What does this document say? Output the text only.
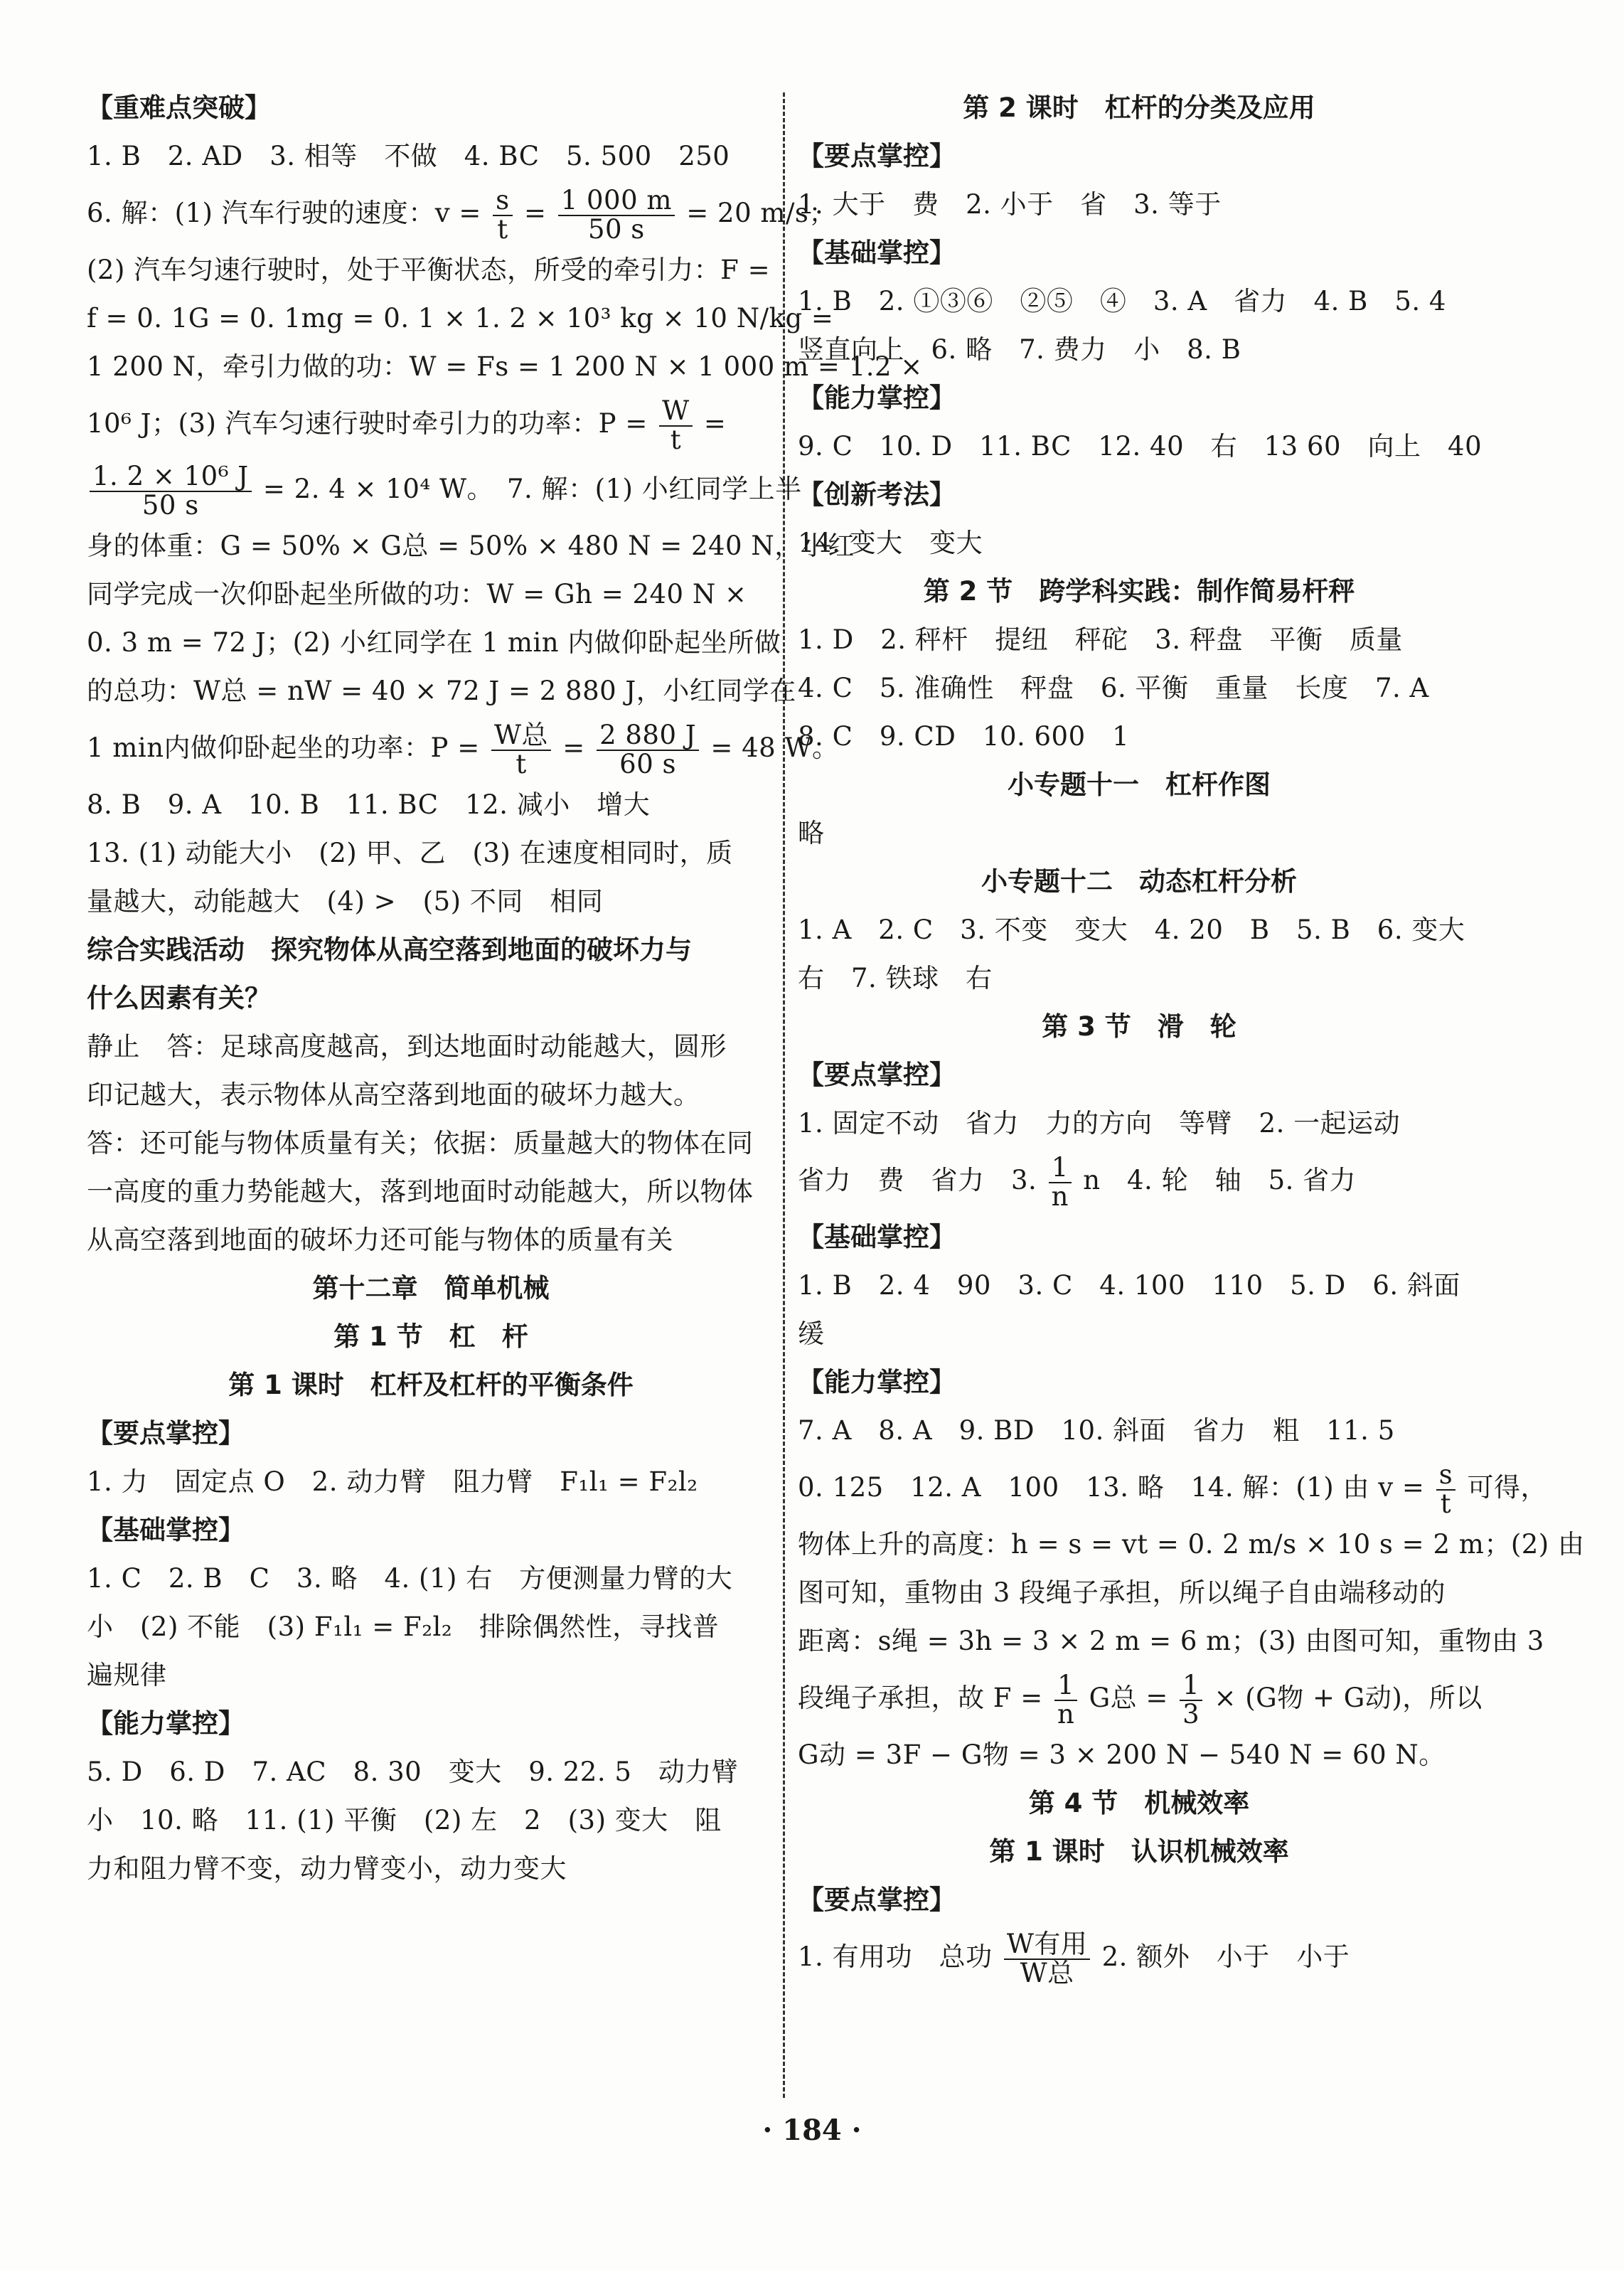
【重难点突破】
1. B　2. AD　3. 相等　不做　4. BC　5. 500　250
6. 解：(1) 汽车行驶的速度：$v = \frac{s}{t} = \frac{1 000 m}{50 s} = 20$ m/s；
(2) 汽车匀速行驶时，处于平衡状态，所受的牵引力：F =
f = 0. 1G = 0. 1mg = 0. 1 × 1. 2 × 10³ kg × 10 N/kg =
1 200 N，牵引力做的功：W = Fs = 1 200 N × 1 000 m = 1.2 ×
10⁶ J；(3) 汽车匀速行驶时牵引力的功率：$P = \frac{W}{t}$ =
$\frac{\text{1. 2 × 10⁶ J}}{50 s} = 2$. 4 × 10⁴ W。　7. 解：(1) 小红同学上半
身的体重：G = 50% × G总 = 50% × 480 N = 240 N，小红
同学完成一次仰卧起坐所做的功：W = Gh = 240 N ×
0. 3 m = 72 J；(2) 小红同学在 1 min 内做仰卧起坐所做
的总功：W总 = nW = 40 × 72 J = 2 880 J，小红同学在
1 min内做仰卧起坐的功率：$P = \frac{\text{W总}}{t} = \frac{2 880 J}{60 s} = 48$ W。
8. B　9. A　10. B　11. BC　12. 减小　增大
13. (1) 动能大小　(2) 甲、乙　(3) 在速度相同时，质
量越大，动能越大　(4) >　(5) 不同　相同
综合实践活动　探究物体从高空落到地面的破坏力与
什么因素有关？
静止　答：足球高度越高，到达地面时动能越大，圆形
印记越大，表示物体从高空落到地面的破坏力越大。
答：还可能与物体质量有关；依据：质量越大的物体在同
一高度的重力势能越大，落到地面时动能越大，所以物体
从高空落到地面的破坏力还可能与物体的质量有关
第十二章　简单机械
第 1 节　杠　杆
第 1 课时　杠杆及杠杆的平衡条件
【要点掌控】
1. 力　固定点 O　2. 动力臂　阻力臂　F₁l₁ = F₂l₂
【基础掌控】
1. C　2. B　C　3. 略　4. (1) 右　方便测量力臂的大
小　(2) 不能　(3) F₁l₁ = F₂l₂　排除偶然性，寻找普
遍规律
【能力掌控】
5. D　6. D　7. AC　8. 30　变大　9. 22. 5　动力臂
小　10. 略　11. (1) 平衡　(2) 左　2　(3) 变大　阻
力和阻力臂不变，动力臂变小，动力变大
第 2 课时　杠杆的分类及应用
【要点掌控】
1. 大于　费　2. 小于　省　3. 等于
【基础掌控】
1. B　2. ①③⑥　②⑤　④　3. A　省力　4. B　5. 4
竖直向上　6. 略　7. 费力　小　8. B
【能力掌控】
9. C　10. D　11. BC　12. 40　右　13 60　向上　40
【创新考法】
14. 变大　变大
第 2 节　跨学科实践：制作简易杆秤
1. D　2. 秤杆　提纽　秤砣　3. 秤盘　平衡　质量
4. C　5. 准确性　秤盘　6. 平衡　重量　长度　7. A
8. C　9. CD　10. 600　1
小专题十一　杠杆作图
略
小专题十二　动态杠杆分析
1. A　2. C　3. 不变　变大　4. 20　B　5. B　6. 变大
右　7. 铁球　右
第 3 节　滑　轮
【要点掌控】
1. 固定不动　省力　力的方向　等臂　2. 一起运动
省力　费　省力　3. $\frac{1}{n}$ n　4. 轮　轴　5. 省力
【基础掌控】
1. B　2. 4　90　3. C　4. 100　110　5. D　6. 斜面
缓
【能力掌控】
7. A　8. A　9. BD　10. 斜面　省力　粗　11. 5
0. 125　12. A　100　13. 略　14. 解：(1) 由 $v = \frac{s}{t}$ 可得，
物体上升的高度：h = s = vt = 0. 2 m/s × 10 s = 2 m；(2) 由
图可知，重物由 3 段绳子承担，所以绳子自由端移动的
距离：s绳 = 3h = 3 × 2 m = 6 m；(3) 由图可知，重物由 3
段绳子承担，故 $F = \frac{1}{n}$ G总 = $\frac{1}{3} \times (G$物 + G动)，所以
G动 = 3F − G物 = 3 × 200 N − 540 N = 60 N。
第 4 节　机械效率
第 1 课时　认识机械效率
【要点掌控】
1. 有用功　总功 $\frac{\text{W有用}}{\text{W总}} 2$. 额外　小于　小于
· 184 ·
